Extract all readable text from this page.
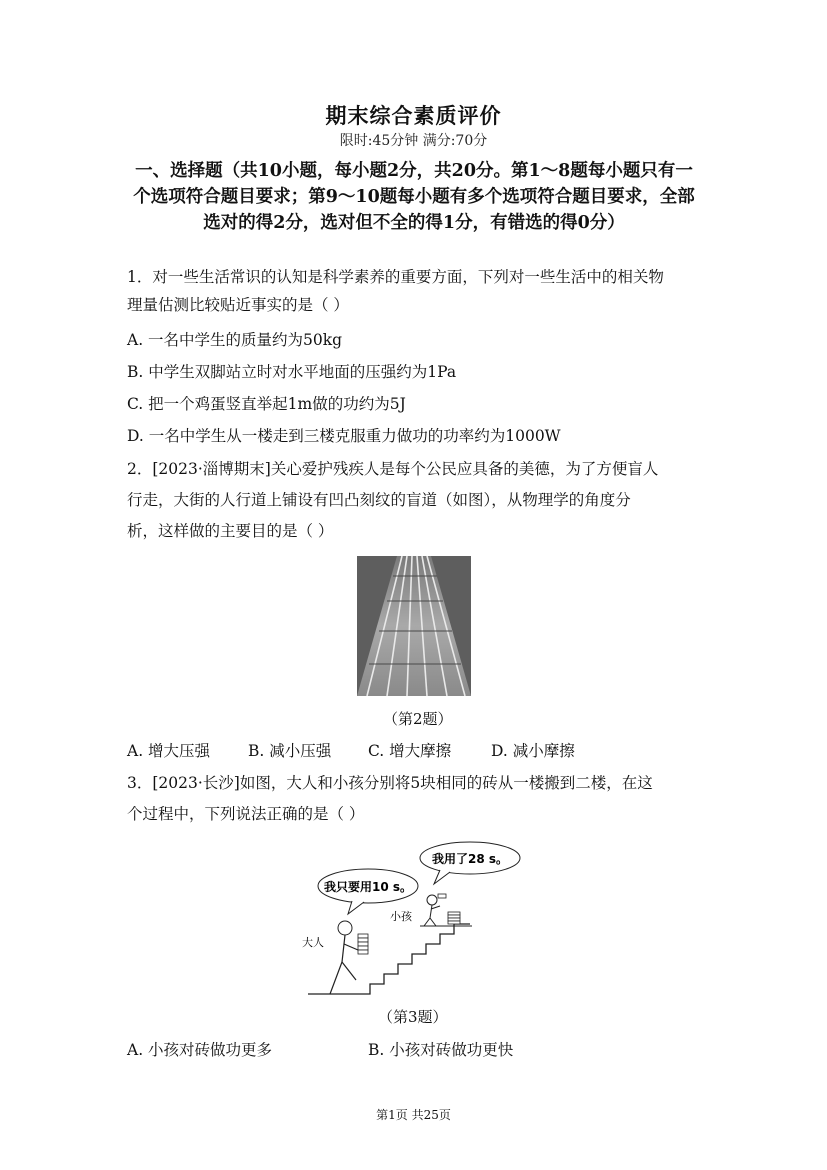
期末综合素质评价
限时:45分钟 满分:70分
一、选择题（共10小题，每小题2分，共20分。第1～8题每小题只有一个选项符合题目要求；第9～10题每小题有多个选项符合题目要求，全部选对的得2分，选对但不全的得1分，有错选的得0分）
1．对一些生活常识的认知是科学素养的重要方面，下列对一些生活中的相关物
理量估测比较贴近事实的是（ ）
A. 一名中学生的质量约为50kg
B. 中学生双脚站立时对水平地面的压强约为1Pa
C. 把一个鸡蛋竖直举起1m做的功约为5J
D. 一名中学生从一楼走到三楼克服重力做功的功率约为1000W
2．[2023·淄博期末]关心爱护残疾人是每个公民应具备的美德，为了方便盲人
行走，大街的人行道上铺设有凹凸刻纹的盲道（如图），从物理学的角度分
析，这样做的主要目的是（ ）
（第2题）
A. 增大压强 B. 减小压强 C. 增大摩擦	D. 减小摩擦
3．[2023·长沙]如图，大人和小孩分别将5块相同的砖从一楼搬到二楼，在这
个过程中，下列说法正确的是（ ）
我用了28 s。
我只要用10 s。
小孩
大人
（第3题）
A. 小孩对砖做功更多	B. 小孩对砖做功更快
第1页 共25页
